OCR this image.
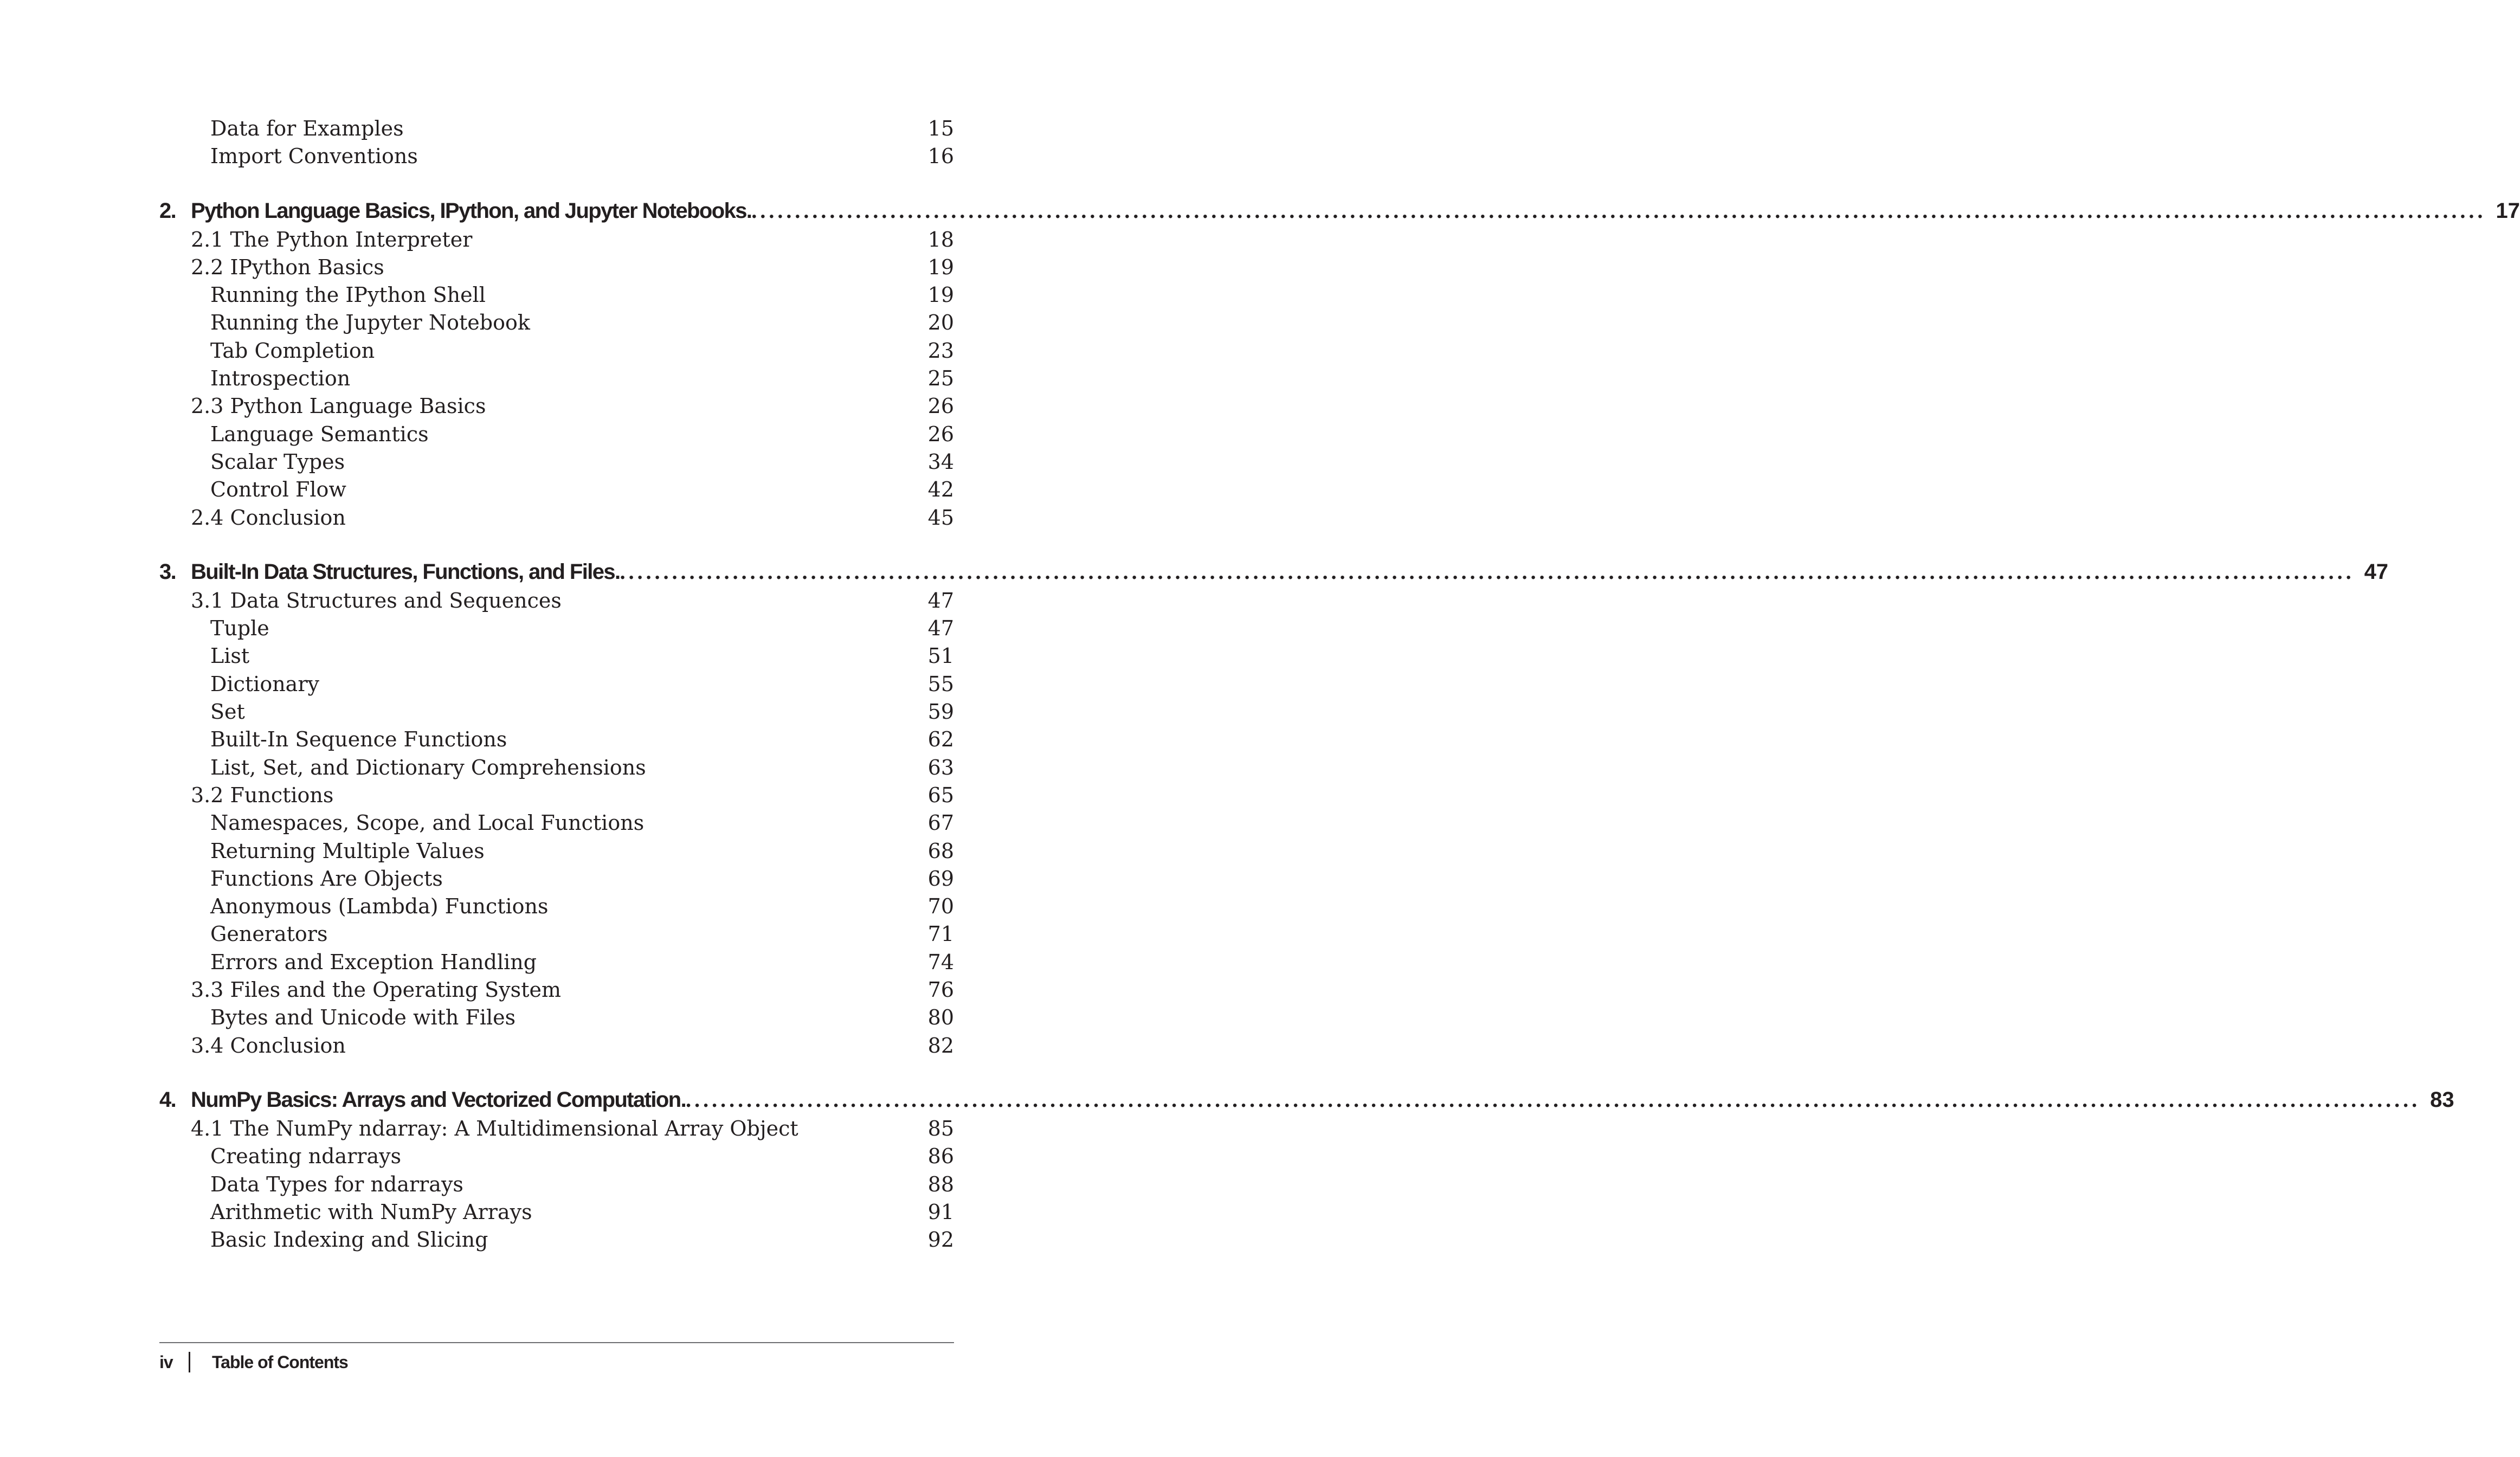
Data for Examples	15
Import Conventions	16
2. Python Language Basics, IPython, and Jupyter Notebooks. ........................................................................................................................................................................................................ 17
2.1 The Python Interpreter	18
2.2 IPython Basics	19
Running the IPython Shell	19
Running the Jupyter Notebook	20
Tab Completion	23
Introspection	25
2.3 Python Language Basics	26
Language Semantics	26
Scalar Types	34
Control Flow	42
2.4 Conclusion	45
3. Built-In Data Structures, Functions, and Files. ........................................................................................................................................................................................................ 47
3.1 Data Structures and Sequences	47
Tuple	47
List	51
Dictionary	55
Set	59
Built-In Sequence Functions	62
List, Set, and Dictionary Comprehensions	63
3.2 Functions	65
Namespaces, Scope, and Local Functions	67
Returning Multiple Values	68
Functions Are Objects	69
Anonymous (Lambda) Functions	70
Generators	71
Errors and Exception Handling	74
3.3 Files and the Operating System	76
Bytes and Unicode with Files	80
3.4 Conclusion	82
4. NumPy Basics: Arrays and Vectorized Computation. ........................................................................................................................................................................................................ 83
4.1 The NumPy ndarray: A Multidimensional Array Object	85
Creating ndarrays	86
Data Types for ndarrays	88
Arithmetic with NumPy Arrays	91
Basic Indexing and Slicing	92
iv	Table of Contents
